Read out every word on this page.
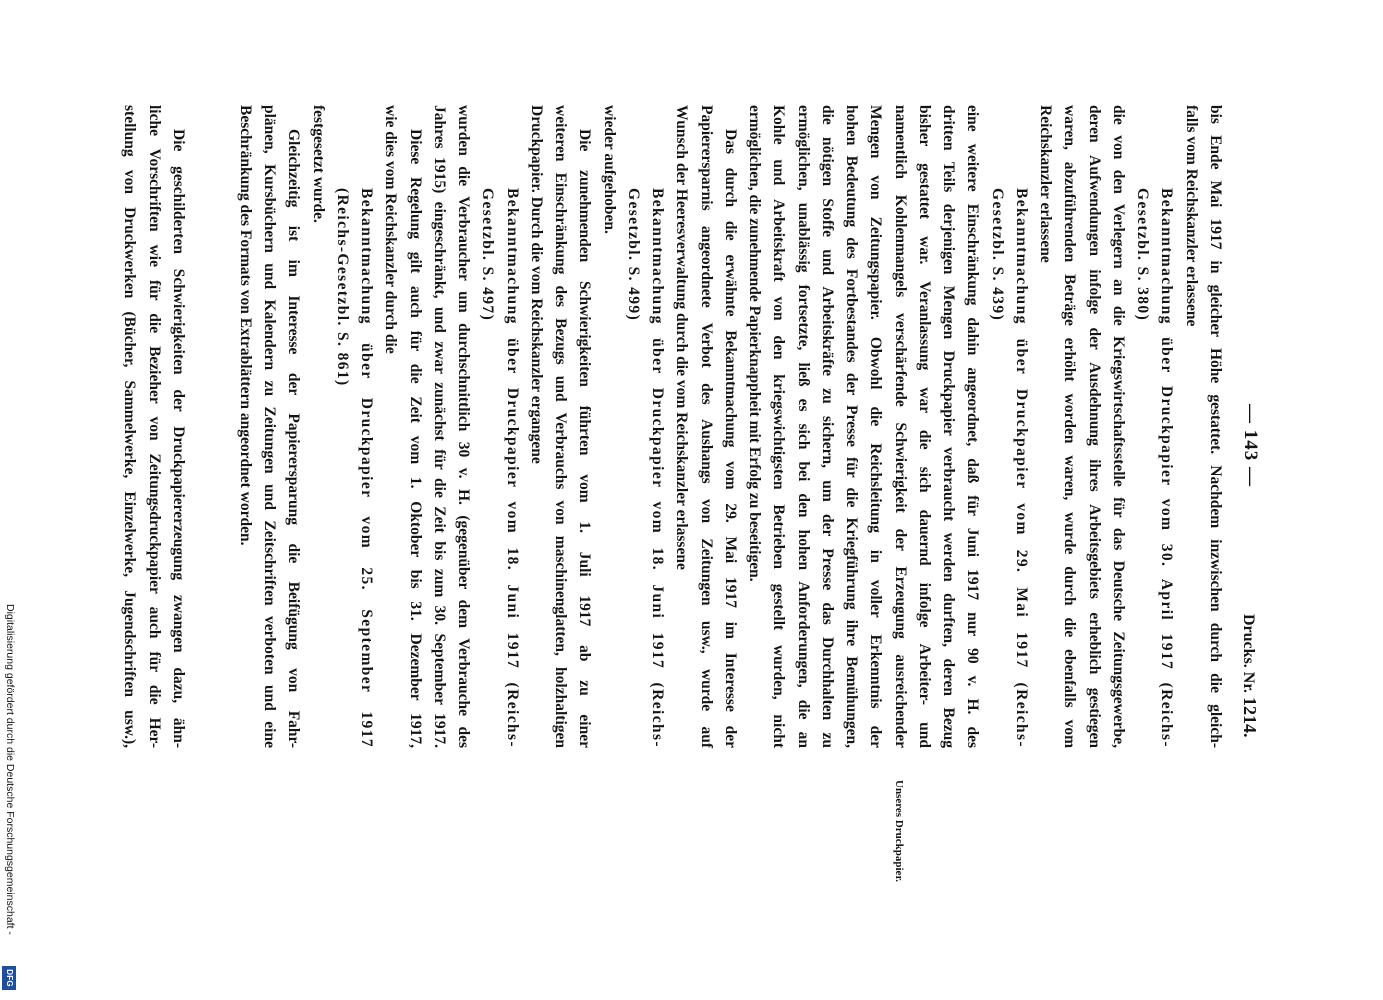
— 143 —
Drucks. Nr. 1214.
bis Ende Mai 1917 in gleicher Höhe gestattet. Nachdem inzwischen durch die gleich-
falls vom Reichskanzler erlassene
Bekanntmachung über Druckpapier vom 30. April 1917 (Reichs-
Gesetzbl. S. 380)
die von den Verlegern an die Kriegswirtschaftsstelle für das Deutsche Zeitungsgewerbe,
deren Aufwendungen infolge der Ausdehnung ihres Arbeitsgebiets erheblich gestiegen
waren, abzuführenden Beträge erhöht worden waren, wurde durch die ebenfalls vom
Reichskanzler erlassene
Bekanntmachung über Druckpapier vom 29. Mai 1917 (Reichs-
Gesetzbl. S. 439)
eine weitere Einschränkung dahin angeordnet, daß für Juni 1917 nur 90 v. H. des
dritten Teils derjenigen Mengen Druckpapier verbraucht werden durften, deren Bezug
bisher gestattet war. Veranlassung war die sich dauernd infolge Arbeiter- und
namentlich Kohlenmangels verschärfende Schwierigkeit der Erzeugung ausreichender
Mengen von Zeitungspapier. Obwohl die Reichsleitung in voller Erkenntnis der
hohen Bedeutung des Fortbestandes der Presse für die Kriegführung ihre Bemühungen,
die nötigen Stoffe und Arbeitskräfte zu sichern, um der Presse das Durchhalten zu
ermöglichen, unablässig fortsetzte, ließ es sich bei den hohen Anforderungen, die an
Kohle und Arbeitskraft von den kriegswichtigsten Betrieben gestellt wurden, nicht
ermöglichen, die zunehmende Papierknappheit mit Erfolg zu beseitigen.
Das durch die erwähnte Bekanntmachung vom 29. Mai 1917 im Interesse der
Papierersparnis angeordnete Verbot des Aushangs von Zeitungen usw., wurde auf
Wunsch der Heeresverwaltung durch die vom Reichskanzler erlassene
Bekanntmachung über Druckpapier vom 18. Juni 1917 (Reichs-
Gesetzbl. S. 499)
wieder aufgehoben.
Die zunehmenden Schwierigkeiten führten vom 1. Juli 1917 ab zu einer
weiteren Einschränkung des Bezugs und Verbrauchs von maschinenglatten, holzhaltigen
Druckpapier. Durch die vom Reichskanzler ergangene
Bekanntmachung über Druckpapier vom 18. Juni 1917 (Reichs-
Gesetzbl. S. 497)
wurden die Verbraucher um durchschnittlich 30 v. H. (gegenüber dem Verbrauche des
Jahres 1915) eingeschränkt, und zwar zunächst für die Zeit bis zum 30. September 1917.
Diese Regelung gilt auch für die Zeit vom 1. Oktober bis 31. Dezember 1917,
wie dies vom Reichskanzler durch die
Bekanntmachung über Druckpapier vom 25. September 1917
(Reichs-Gesetzbl. S. 861)
festgesetzt wurde.
Gleichzeitig ist im Interesse der Papierersparung die Beifügung von Fahr-
plänen, Kursbüchern und Kalendern zu Zeitungen und Zeitschriften verboten und eine
Beschränkung des Formats von Extrablättern angeordnet worden.
Die geschilderten Schwierigkeiten der Druckpapiererzeugung zwangen dazu, ähn-
liche Vorschriften wie für die Bezieher von Zeitungsdruckpapier auch für die Her-
stellung von Druckwerken (Bücher, Sammelwerke, Einzelwerke, Jugendschriften usw.),
Unseres Druckpapier.
Digitalisierung gefördert durch die Deutsche Forschungsgemeinschaft -
DFG
